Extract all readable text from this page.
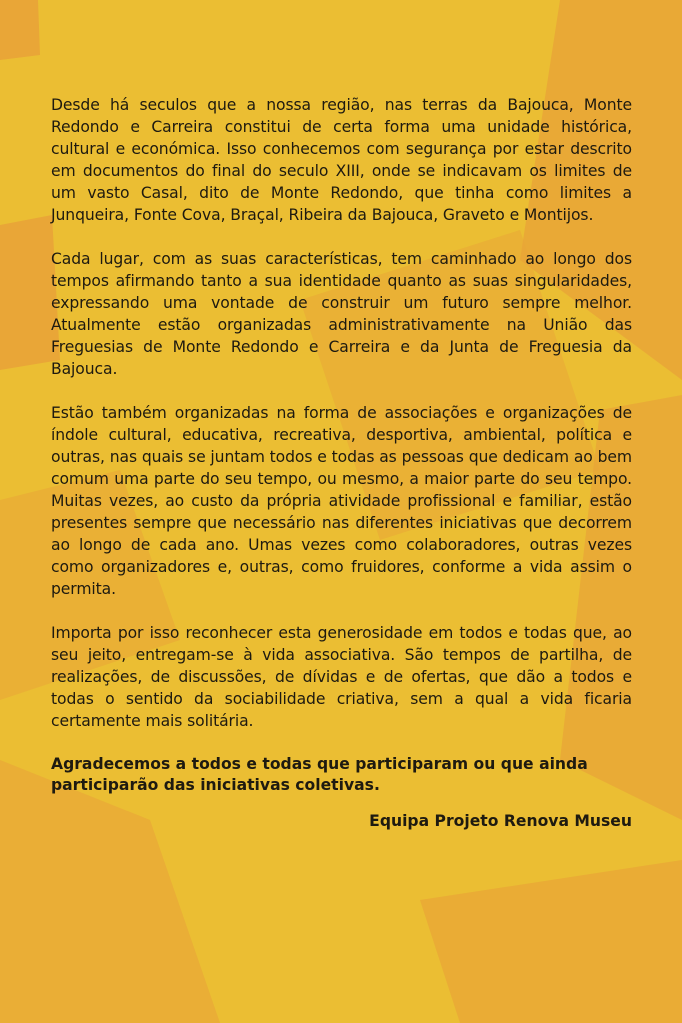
Desde há seculos que a nossa região, nas terras da Bajouca, Monte Redondo e Carreira constitui de certa forma uma unidade histórica, cultural e económica. Isso conhecemos com segurança por estar descrito em documentos do final do seculo XIII, onde se indicavam os limites de um vasto Casal, dito de Monte Redondo, que tinha como limites a Junqueira, Fonte Cova, Braçal, Ribeira da Bajouca, Graveto e Montijos.

Cada lugar, com as suas características, tem caminhado ao longo dos tempos afirmando tanto a sua identidade quanto as suas singularidades, expressando uma vontade de construir um futuro sempre melhor. Atualmente estão organizadas administrativamente na União das Freguesias de Monte Redondo e Carreira e da Junta de Freguesia da Bajouca.

Estão também organizadas na forma de associações e organizações de índole cultural, educativa, recreativa, desportiva, ambiental, política e outras, nas quais se juntam todos e todas as pessoas que dedicam ao bem comum uma parte do seu tempo, ou mesmo, a maior parte do seu tempo. Muitas vezes, ao custo da própria atividade profissional e familiar, estão presentes sempre que necessário nas diferentes iniciativas que decorrem ao longo de cada ano. Umas vezes como colaboradores, outras vezes como organizadores e, outras, como fruidores, conforme a vida assim o permita.

Importa por isso reconhecer esta generosidade em todos e todas que, ao seu jeito, entregam-se à vida associativa. São tempos de partilha, de realizações, de discussões, de dívidas e de ofertas, que dão a todos e todas o sentido da sociabilidade criativa, sem a qual a vida ficaria certamente mais solitária.

Agradecemos a todos e todas que participaram ou que ainda participarão das iniciativas coletivas.

Equipa Projeto Renova Museu
